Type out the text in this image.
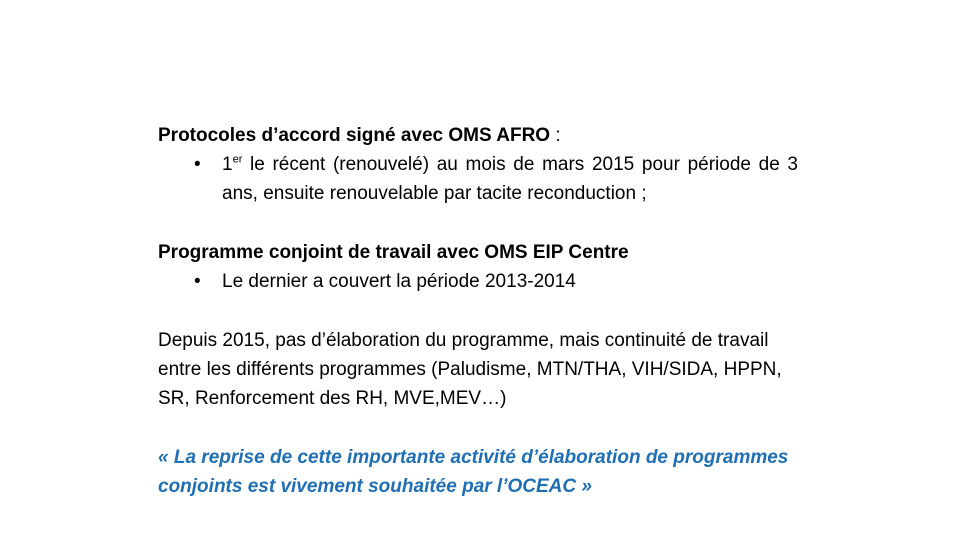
Protocoles d’accord signé avec OMS AFRO :
• 1er le récent (renouvelé) au mois de mars 2015 pour période de 3 ans, ensuite renouvelable par tacite reconduction ;
Programme conjoint de travail avec OMS EIP Centre
• Le dernier a couvert la période 2013-2014
Depuis 2015, pas d’élaboration du programme, mais continuité de travail entre les différents programmes (Paludisme, MTN/THA, VIH/SIDA, HPPN, SR, Renforcement des RH, MVE,MEV…)
« La reprise de cette importante activité d’élaboration de programmes conjoints est vivement souhaitée par l’OCEAC »
